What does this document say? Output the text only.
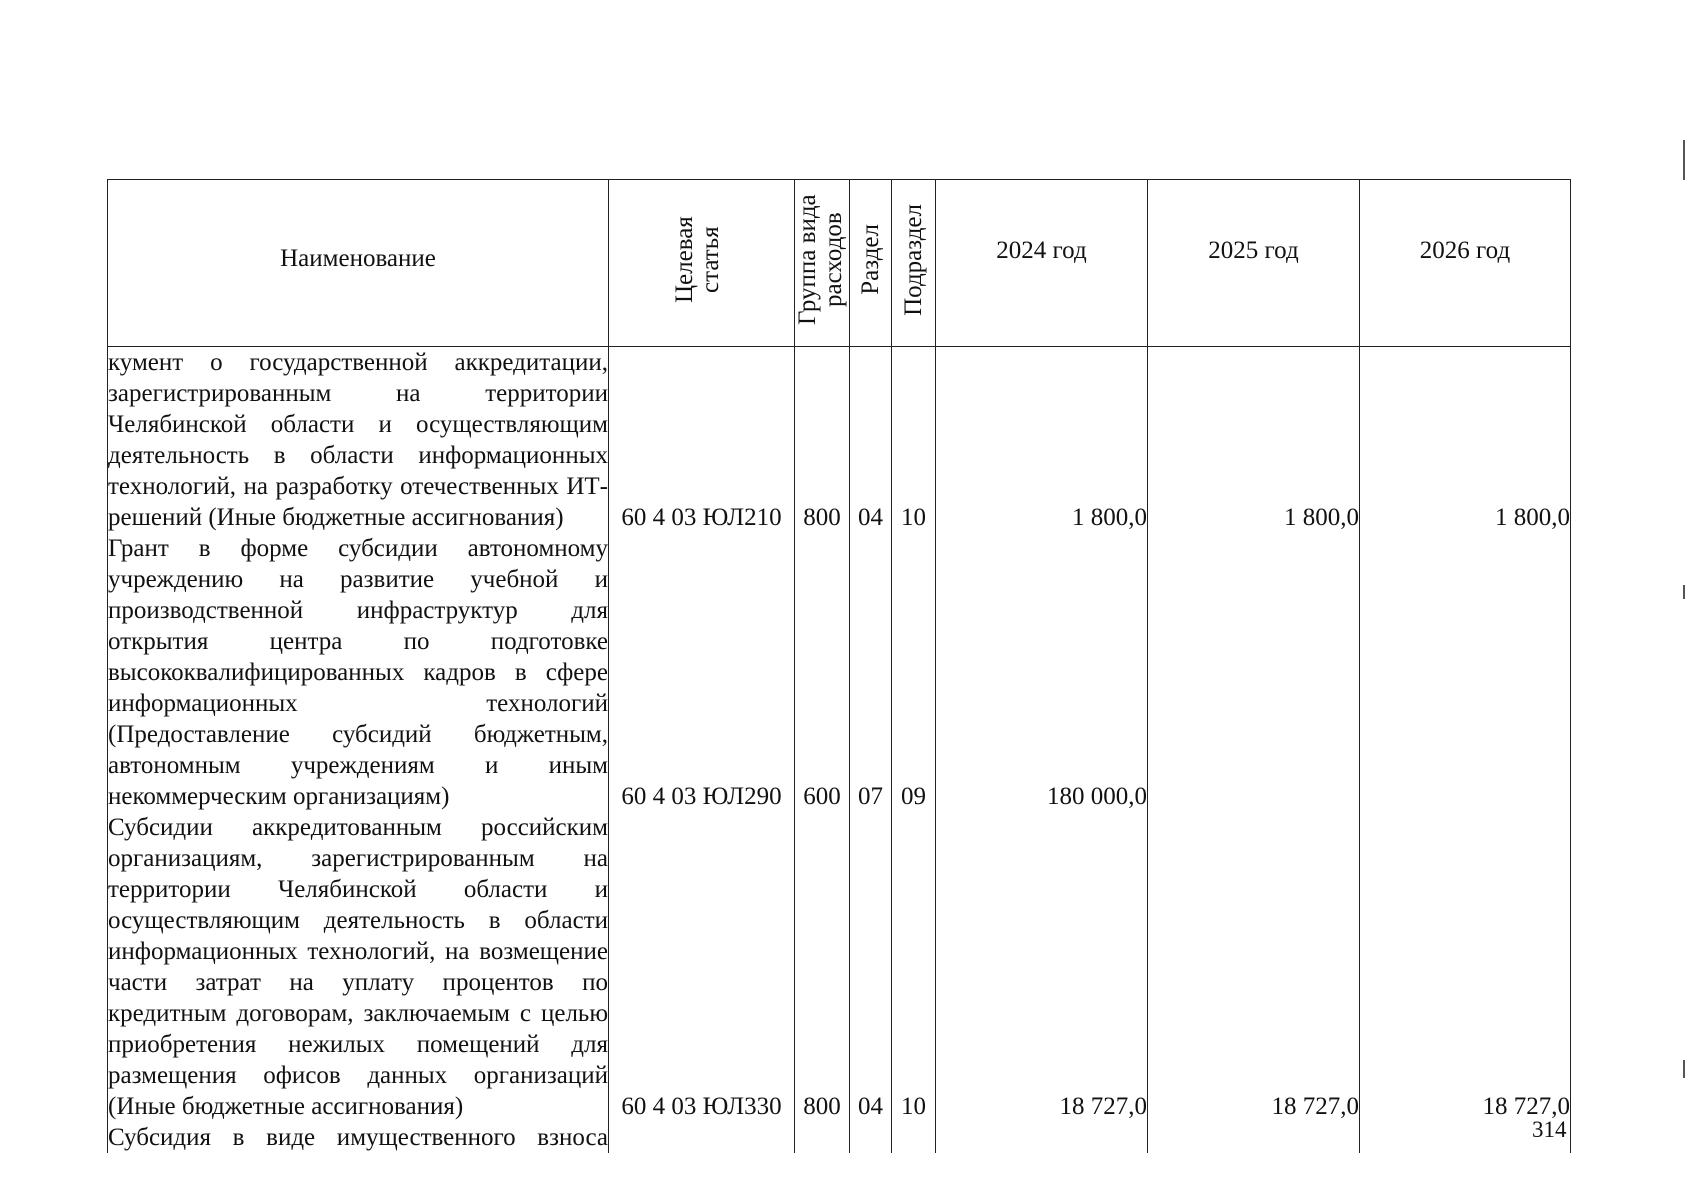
Наименование	Целевая статья	Группа вида расходов	Раздел	Подраздел	2024 год	2025 год	2026 год
кумент о государственной аккредитации, зарегистрированным на территории Челябинской области и осуществляющим деятельность в области информационных технологий, на разработку отечественных ИТ-решений (Иные бюджетные ассигнования)	60 4 03 ЮЛ210	800	04	10	1 800,0	1 800,0	1 800,0
Грант в форме субсидии автономному учреждению на развитие учебной и производственной инфраструктур для открытия центра по подготовке высококвалифицированных кадров в сфере информационных технологий (Предоставление субсидий бюджетным, автономным учреждениям и иным некоммерческим организациям)	60 4 03 ЮЛ290	600	07	09	180 000,0		
Субсидии аккредитованным российским организациям, зарегистрированным на территории Челябинской области и осуществляющим деятельность в области информационных технологий, на возмещение части затрат на уплату процентов по кредитным договорам, заключаемым с целью приобретения нежилых помещений для размещения офисов данных организаций (Иные бюджетные ассигнования)	60 4 03 ЮЛ330	800	04	10	18 727,0	18 727,0	18 727,0
Субсидия в виде имущественного взноса								314
